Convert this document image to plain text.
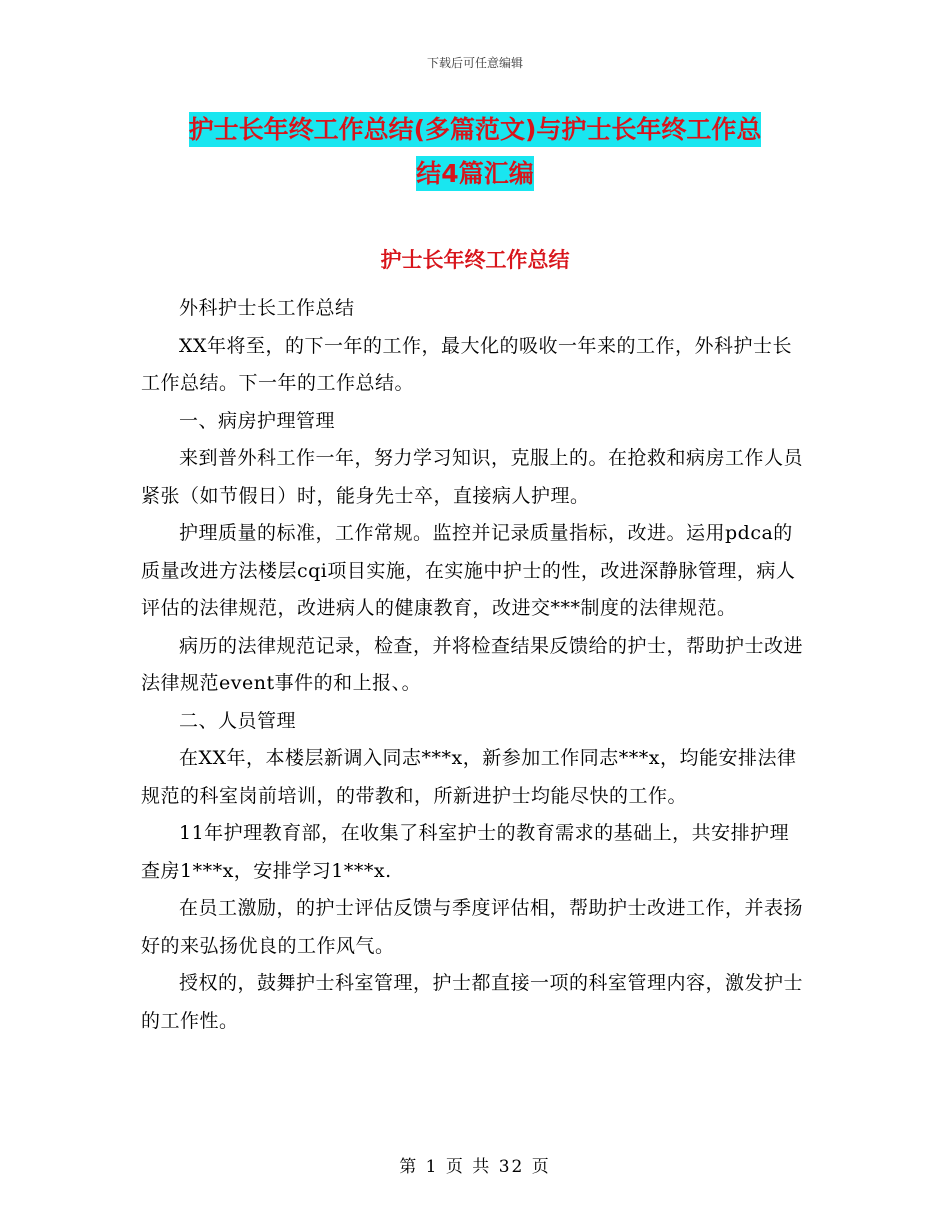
下载后可任意编辑
护士长年终工作总结(多篇范文)与护士长年终工作总
结4篇汇编
护士长年终工作总结

外科护士长工作总结

XX年将至，的下一年的工作，最大化的吸收一年来的工作，外科护士长工作总结。下一年的工作总结。

一、病房护理管理

来到普外科工作一年，努力学习知识，克服上的。在抢救和病房工作人员紧张（如节假日）时，能身先士卒，直接病人护理。

护理质量的标准，工作常规。监控并记录质量指标，改进。运用pdca的质量改进方法楼层cqi项目实施，在实施中护士的性，改进深静脉管理，病人评估的法律规范，改进病人的健康教育，改进交***制度的法律规范。

病历的法律规范记录，检查，并将检查结果反馈给的护士，帮助护士改进法律规范event事件的和上报、。

二、人员管理

在XX年，本楼层新调入同志***x，新参加工作同志***x，均能安排法律规范的科室岗前培训，的带教和，所新进护士均能尽快的工作。

11年护理教育部，在收集了科室护士的教育需求的基础上，共安排护理查房1***x，安排学习1***x.

在员工激励，的护士评估反馈与季度评估相，帮助护士改进工作，并表扬好的来弘扬优良的工作风气。

授权的，鼓舞护士科室管理，护士都直接一项的科室管理内容，激发护士的工作性。

第 1 页 共 32 页
